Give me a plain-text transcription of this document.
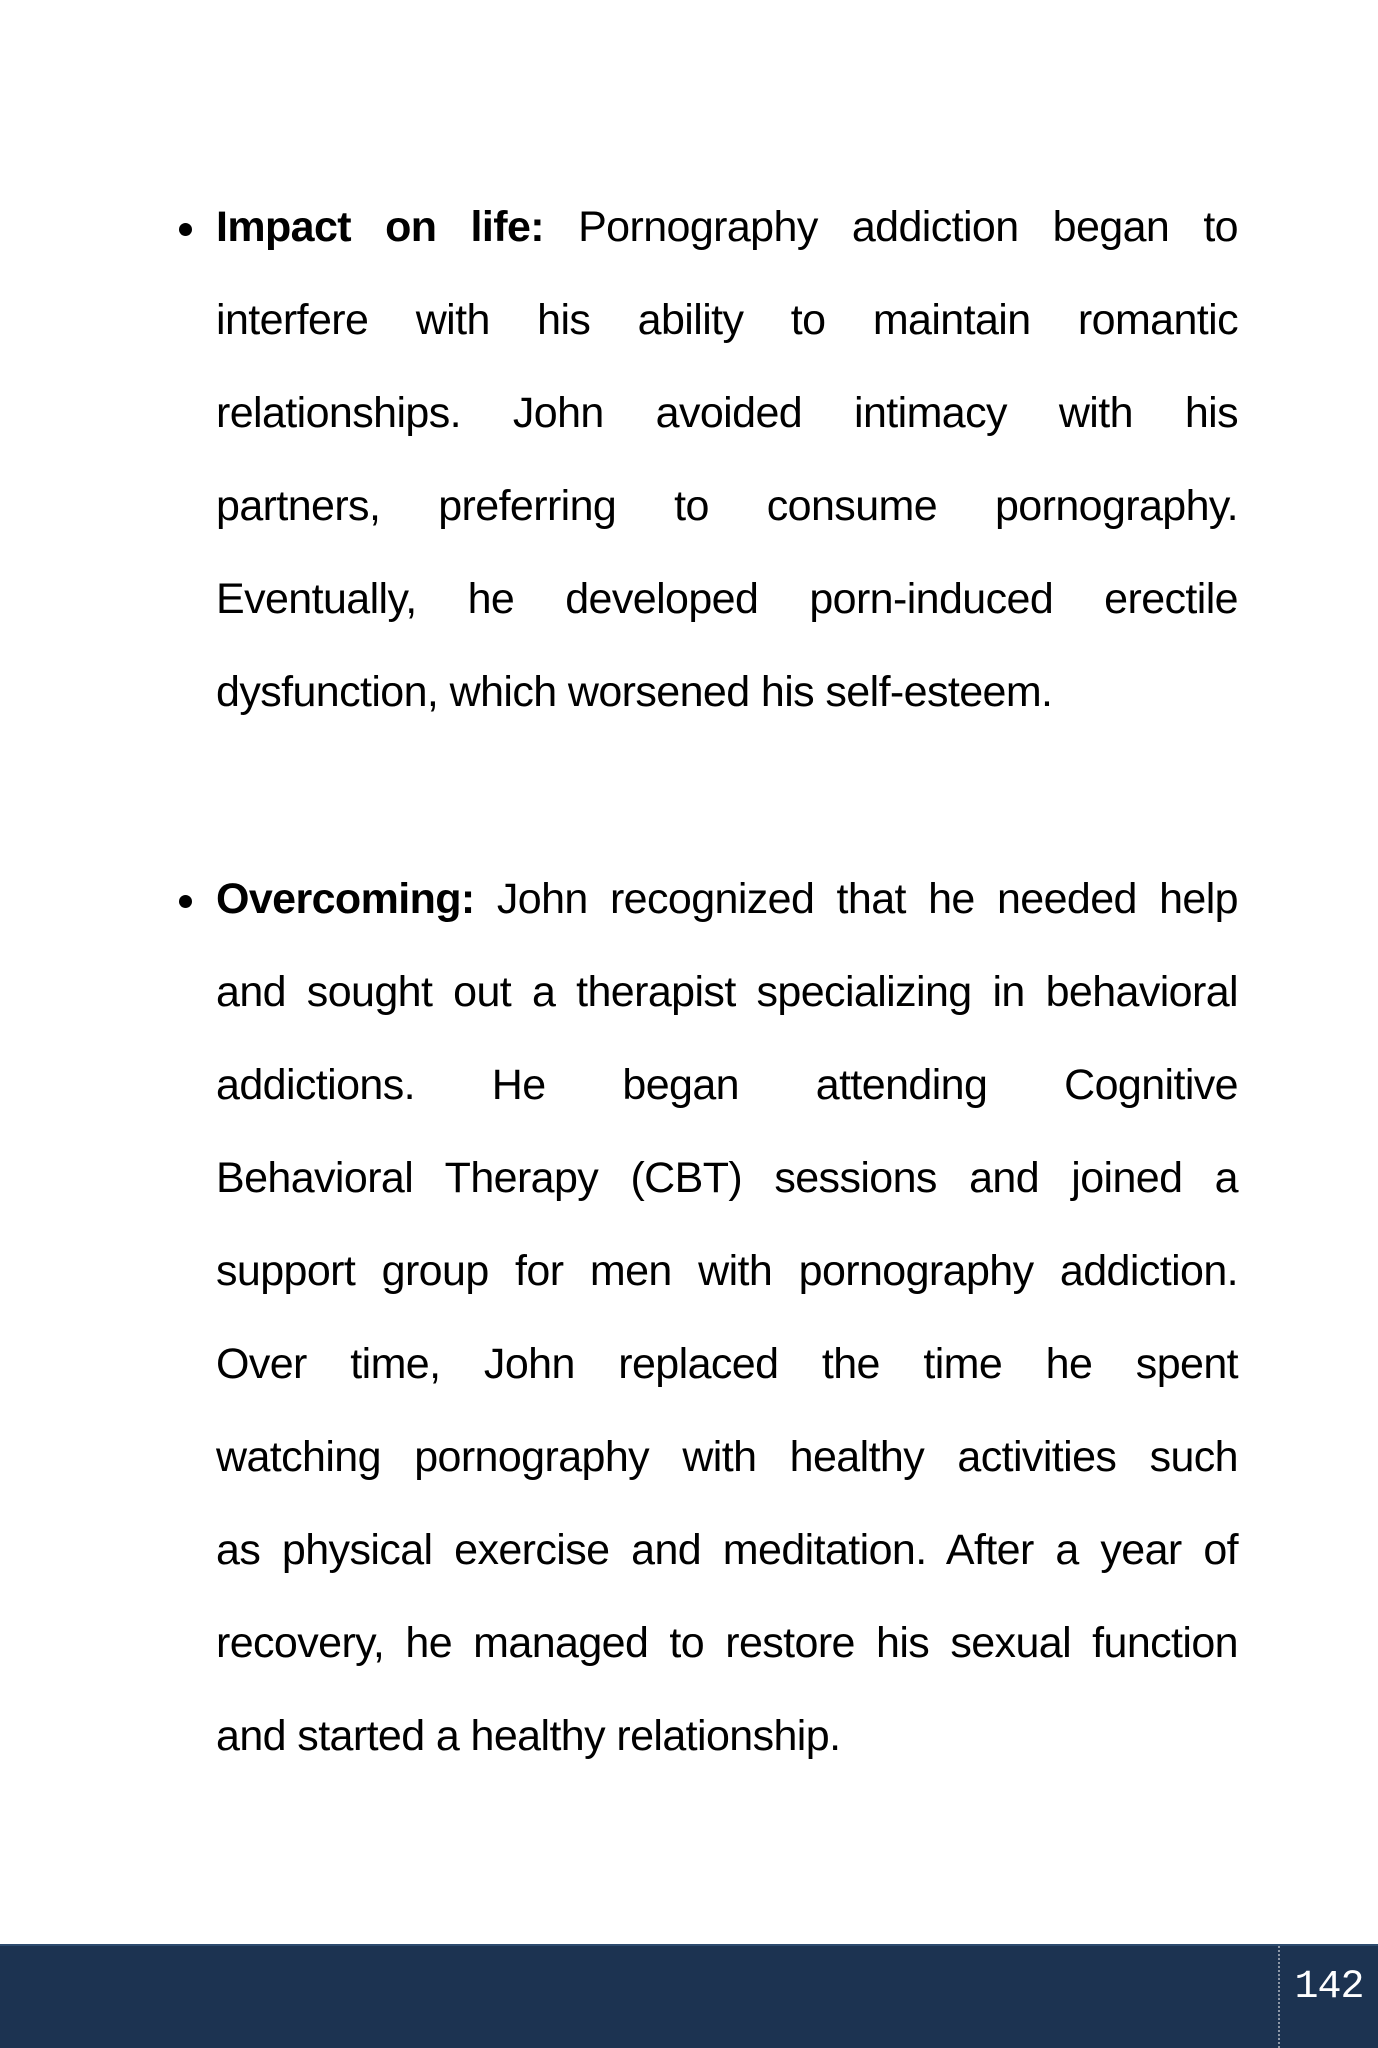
Impact on life: Pornography addiction began to
interfere with his ability to maintain romantic
relationships. John avoided intimacy with his
partners, preferring to consume pornography.
Eventually, he developed porn-induced erectile
dysfunction, which worsened his self-esteem.
Overcoming: John recognized that he needed help
and sought out a therapist specializing in behavioral
addictions. He began attending Cognitive
Behavioral Therapy (CBT) sessions and joined a
support group for men with pornography addiction.
Over time, John replaced the time he spent
watching pornography with healthy activities such
as physical exercise and meditation. After a year of
recovery, he managed to restore his sexual function
and started a healthy relationship.
142
